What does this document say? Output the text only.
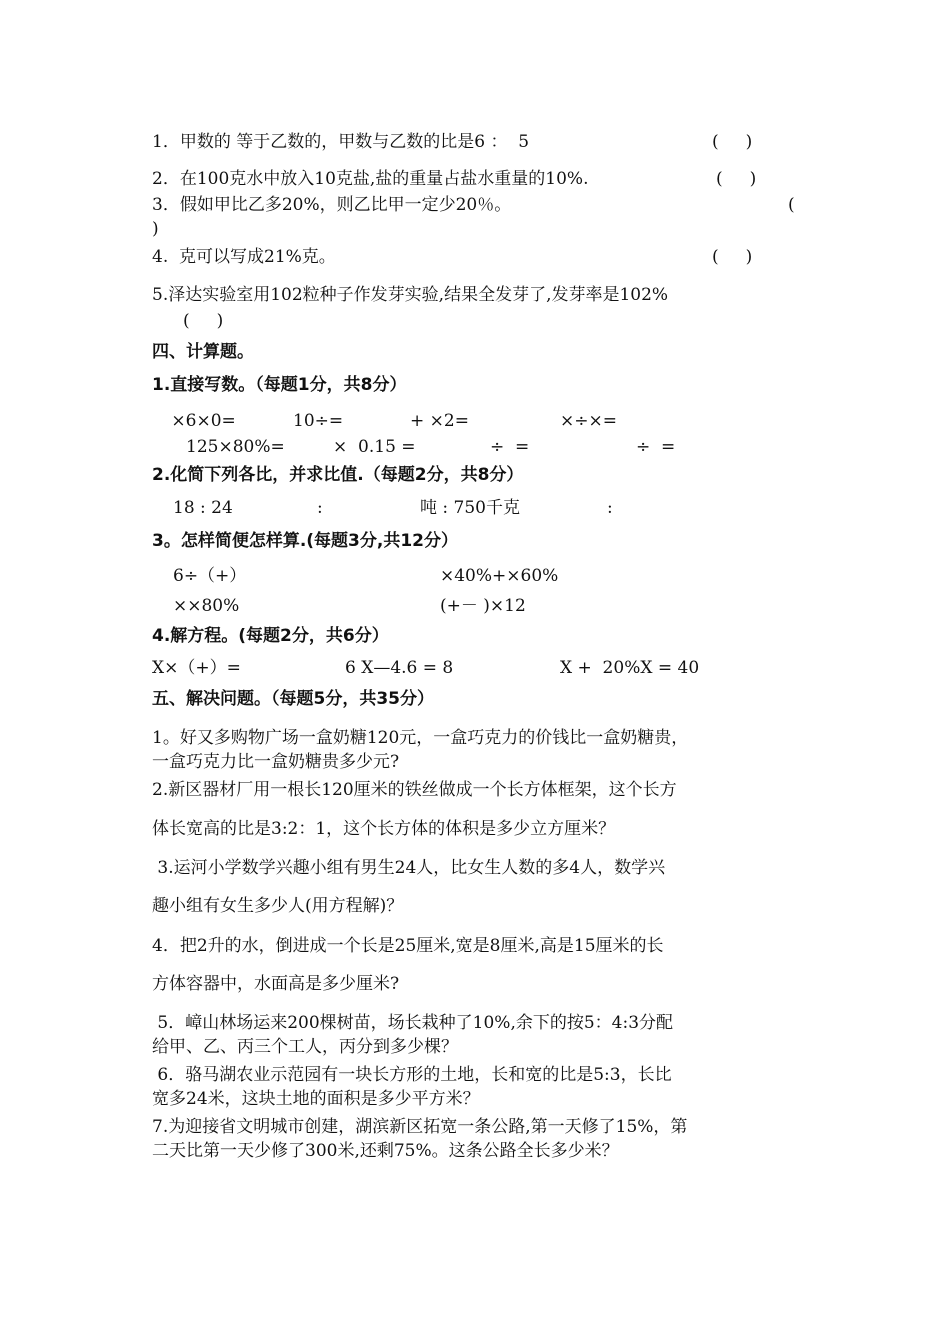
1．甲数的 等于乙数的，甲数与乙数的比是6 ：  5	(     )
2．在100克水中放入10克盐,盐的重量占盐水重量的10%.	(     )
3．假如甲比乙多20%，则乙比甲一定少20％。	(
)
4.  克可以写成21%克。	(     )
5.泽达实验室用102粒种子作发芽实验,结果全发芽了,发芽率是102%
(     )
四、计算题。
1.直接写数。（每题1分，共8分）
×6×0=	10÷=	+ ×2=	×÷×=
125×80%=	×  0.15 =	÷  =	÷  =
2.化简下列各比，并求比值.（每题2分，共8分）
18 : 24	:	吨 : 750千克	:
3。怎样简便怎样算.(每题3分,共12分）
6÷（+）	×40%+×60%
××80%	(+－ )×12
4.解方程。(每题2分，共6分）
X×（+）=	6 X—4.6 = 8	X +  20%X = 40
五、解决问题。（每题5分，共35分）
1。好又多购物广场一盒奶糖120元，一盒巧克力的价钱比一盒奶糖贵，
一盒巧克力比一盒奶糖贵多少元?
2.新区器材厂用一根长120厘米的铁丝做成一个长方体框架，这个长方
体长宽高的比是3:2：1，这个长方体的体积是多少立方厘米？
3.运河小学数学兴趣小组有男生24人，比女生人数的多4人，数学兴
趣小组有女生多少人(用方程解)？
4．把2升的水，倒进成一个长是25厘米,宽是8厘米,高是15厘米的长
方体容器中，水面高是多少厘米?
5．嶂山林场运来200棵树苗，场长栽种了10%,余下的按5：4:3分配
给甲、乙、丙三个工人，丙分到多少棵？
6．骆马湖农业示范园有一块长方形的土地，长和宽的比是5:3，长比
宽多24米，这块土地的面积是多少平方米？
7.为迎接省文明城市创建，湖滨新区拓宽一条公路,第一天修了15%，第
二天比第一天少修了300米,还剩75%。这条公路全长多少米？
